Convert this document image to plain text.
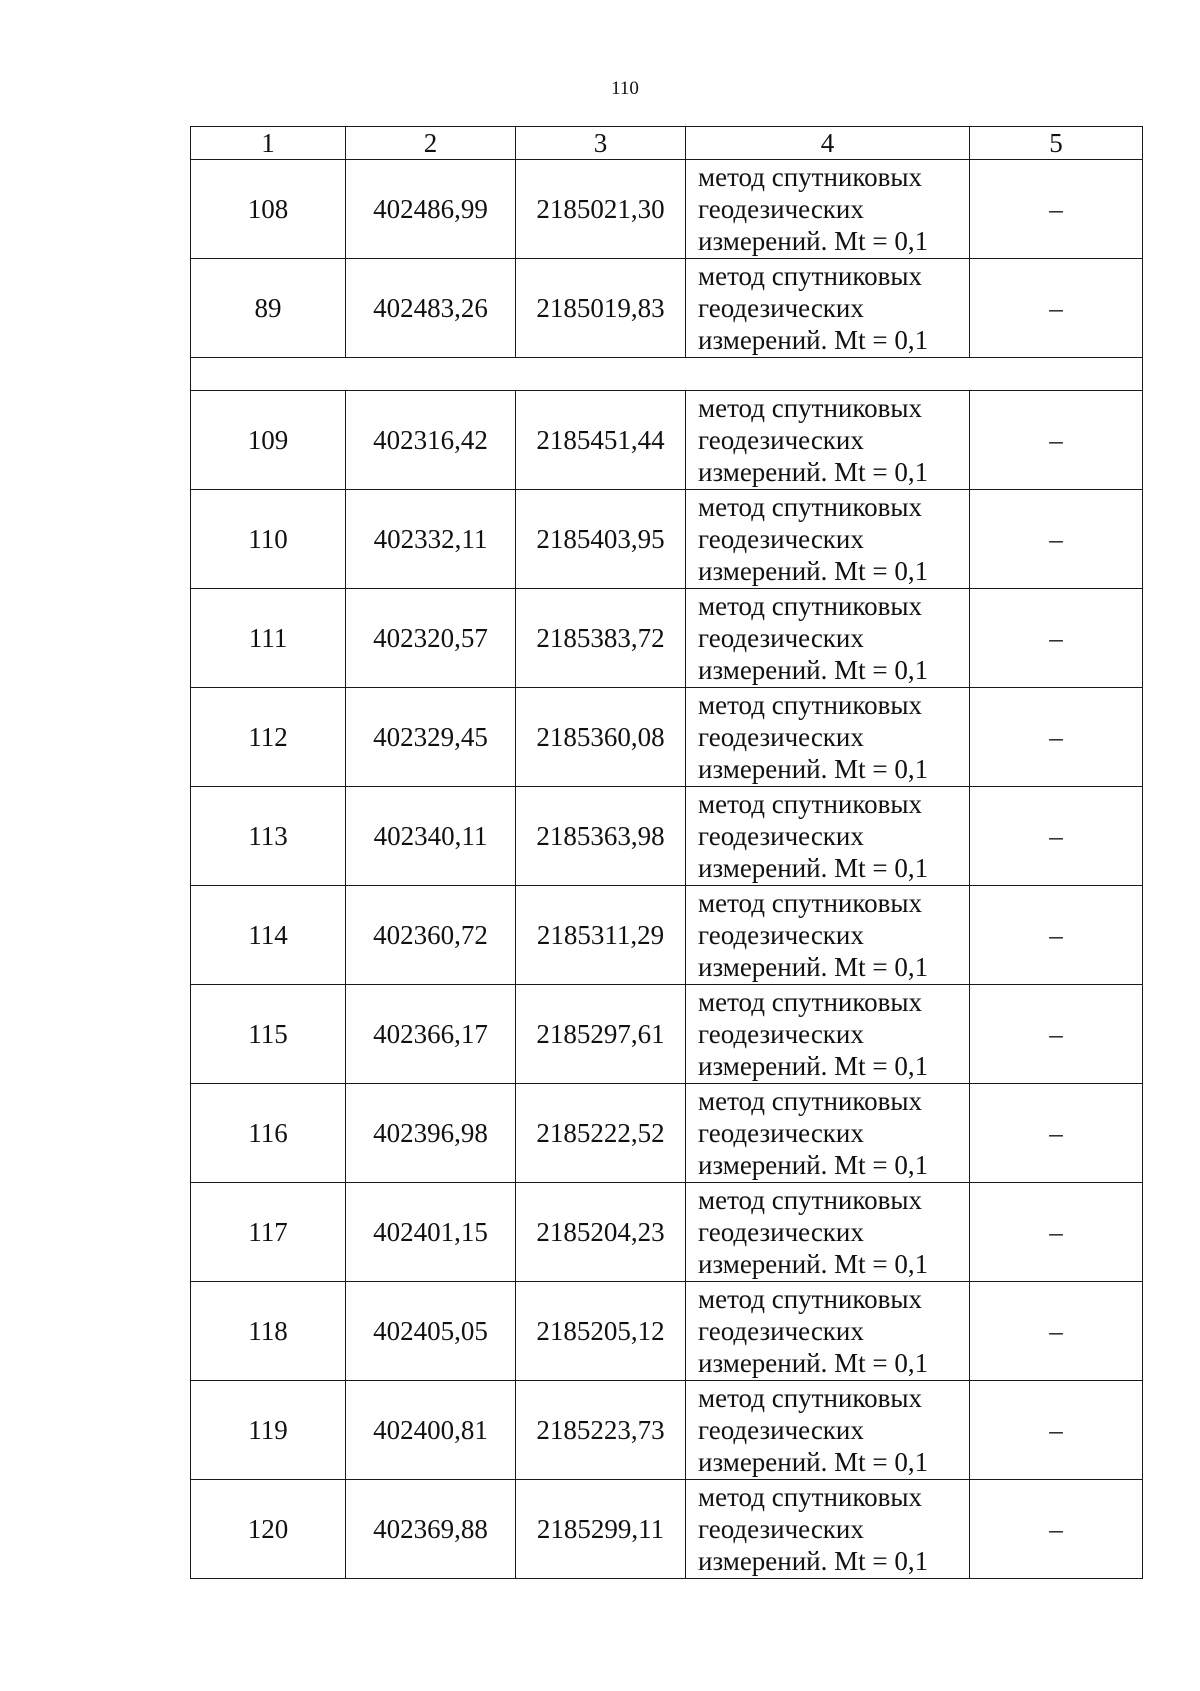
110
1	2	3	4	5
108	402486,99	2185021,30	метод спутниковых
геодезических
измерений. Mt = 0,1	–
89	402483,26	2185019,83	метод спутниковых
геодезических
измерений. Mt = 0,1	–

109	402316,42	2185451,44	метод спутниковых
геодезических
измерений. Mt = 0,1	–
110	402332,11	2185403,95	метод спутниковых
геодезических
измерений. Mt = 0,1	–
111	402320,57	2185383,72	метод спутниковых
геодезических
измерений. Mt = 0,1	–
112	402329,45	2185360,08	метод спутниковых
геодезических
измерений. Mt = 0,1	–
113	402340,11	2185363,98	метод спутниковых
геодезических
измерений. Mt = 0,1	–
114	402360,72	2185311,29	метод спутниковых
геодезических
измерений. Mt = 0,1	–
115	402366,17	2185297,61	метод спутниковых
геодезических
измерений. Mt = 0,1	–
116	402396,98	2185222,52	метод спутниковых
геодезических
измерений. Mt = 0,1	–
117	402401,15	2185204,23	метод спутниковых
геодезических
измерений. Mt = 0,1	–
118	402405,05	2185205,12	метод спутниковых
геодезических
измерений. Mt = 0,1	–
119	402400,81	2185223,73	метод спутниковых
геодезических
измерений. Mt = 0,1	–
120	402369,88	2185299,11	метод спутниковых
геодезических
измерений. Mt = 0,1	–
